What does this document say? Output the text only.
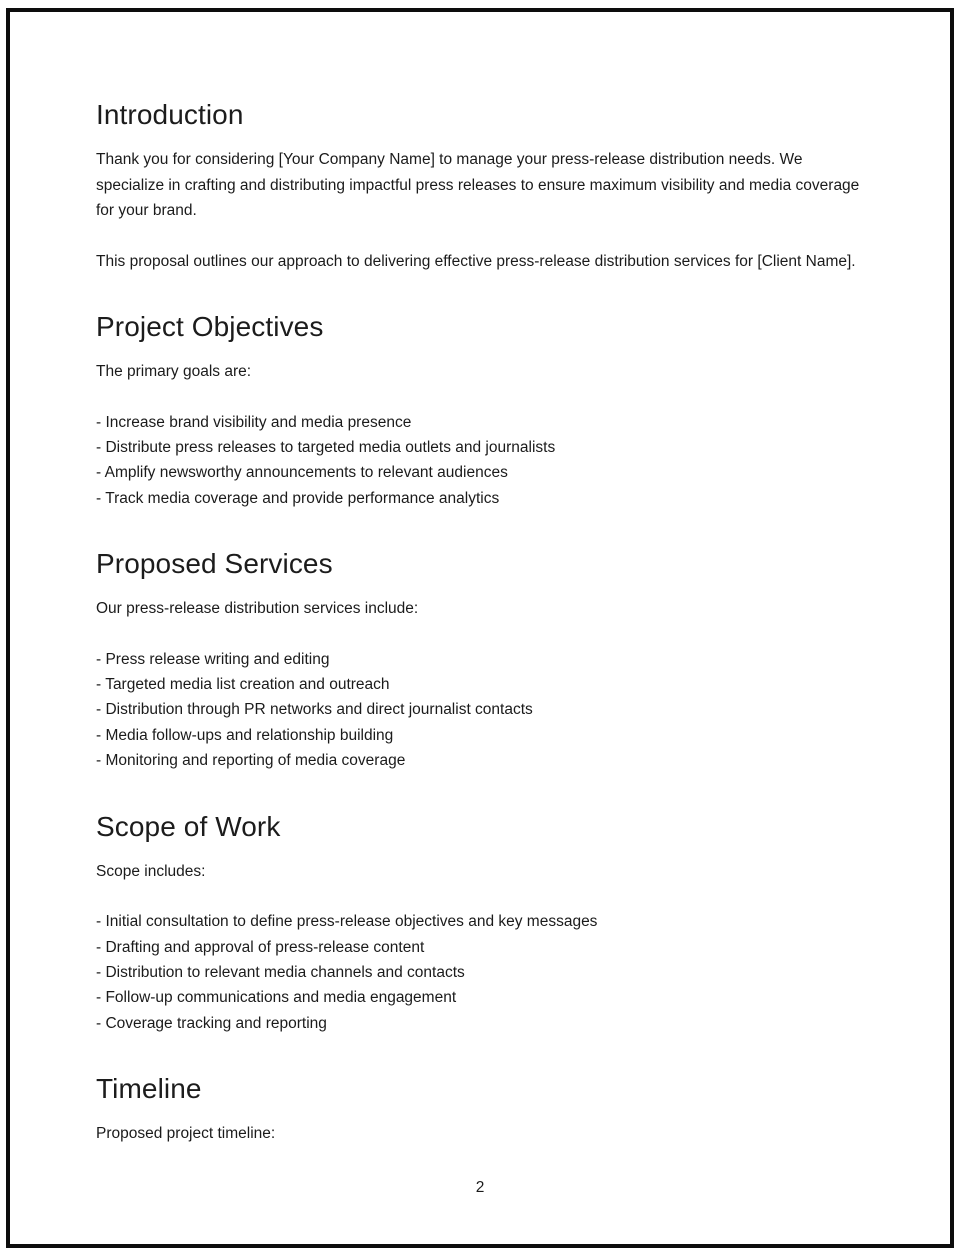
Introduction

Thank you for considering [Your Company Name] to manage your press-release distribution needs. We specialize in crafting and distributing impactful press releases to ensure maximum visibility and media coverage for your brand.

This proposal outlines our approach to delivering effective press-release distribution services for [Client Name].

Project Objectives

The primary goals are:

- Increase brand visibility and media presence
- Distribute press releases to targeted media outlets and journalists
- Amplify newsworthy announcements to relevant audiences
- Track media coverage and provide performance analytics
Proposed Services

Our press-release distribution services include:

- Press release writing and editing
- Targeted media list creation and outreach
- Distribution through PR networks and direct journalist contacts
- Media follow-ups and relationship building
- Monitoring and reporting of media coverage
Scope of Work

Scope includes:

- Initial consultation to define press-release objectives and key messages
- Drafting and approval of press-release content
- Distribution to relevant media channels and contacts
- Follow-up communications and media engagement
- Coverage tracking and reporting
Timeline

Proposed project timeline:

2
